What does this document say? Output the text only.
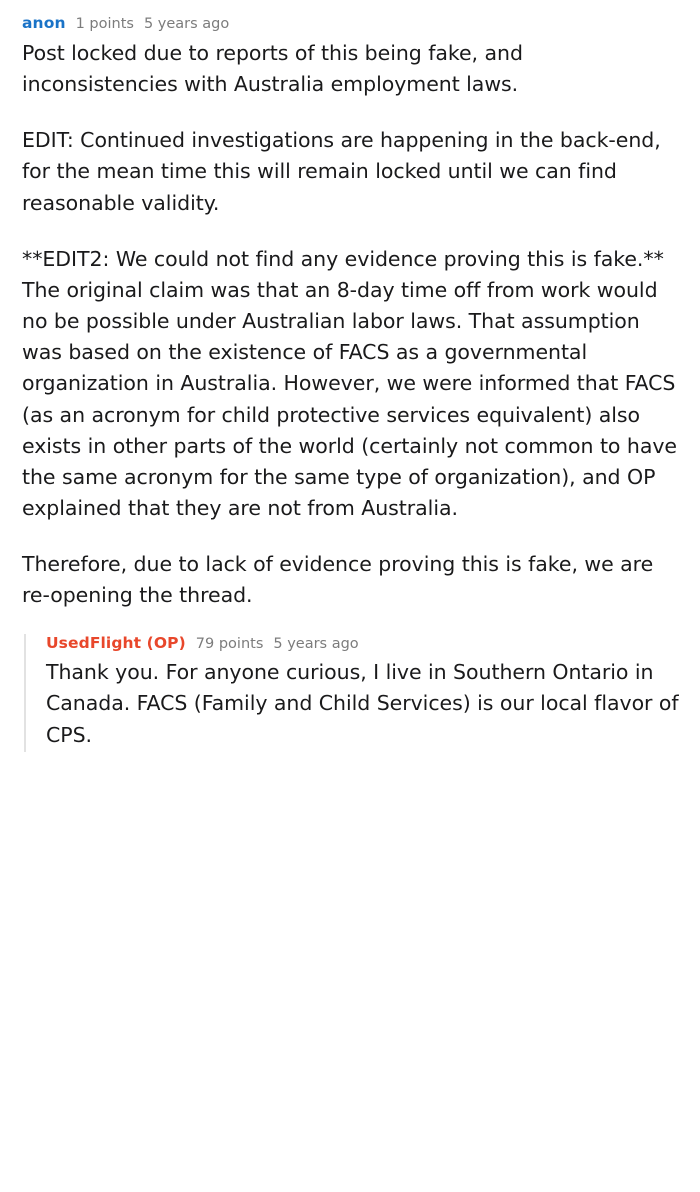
anon 1 points 5 years ago

Post locked due to reports of this being fake, and inconsistencies with Australia employment laws.

EDIT: Continued investigations are happening in the back-end, for the mean time this will remain locked until we can find reasonable validity.

**EDIT2: We could not find any evidence proving this is fake.** The original claim was that an 8-day time off from work would no be possible under Australian labor laws. That assumption was based on the existence of FACS as a governmental organization in Australia. However, we were informed that FACS (as an acronym for child protective services equivalent) also exists in other parts of the world (certainly not common to have the same acronym for the same type of organization), and OP explained that they are not from Australia.

Therefore, due to lack of evidence proving this is fake, we are re-opening the thread.

UsedFlight (OP) 79 points 5 years ago

Thank you. For anyone curious, I live in Southern Ontario in Canada. FACS (Family and Child Services) is our local flavor of CPS.
